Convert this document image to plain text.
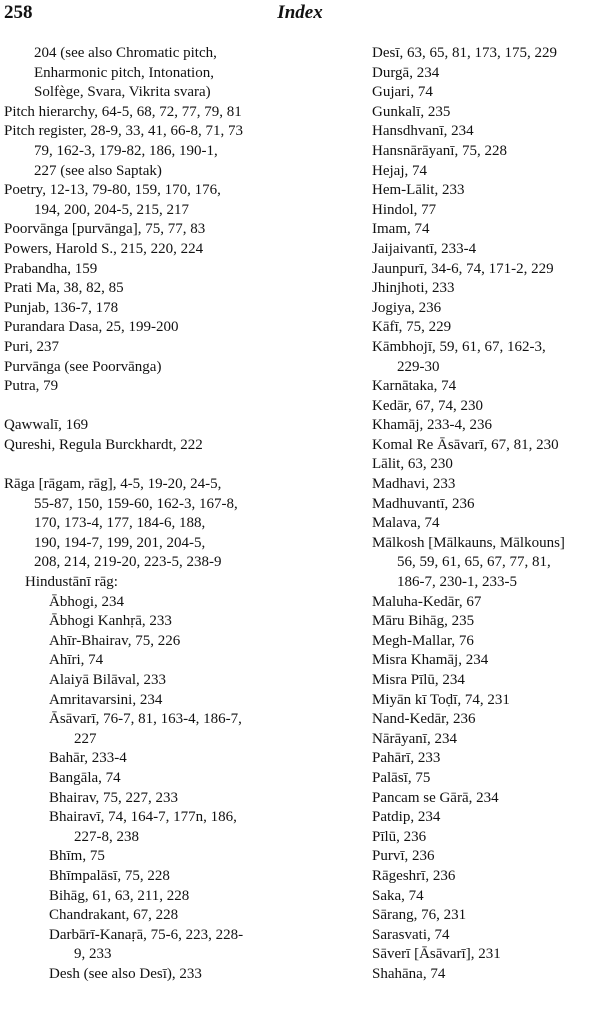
258	Index
204 (see also Chromatic pitch,
Enharmonic pitch, Intonation,
Solfège, Svara, Vikrita svara)
Pitch hierarchy, 64-5, 68, 72, 77, 79, 81
Pitch register, 28-9, 33, 41, 66-8, 71, 73
79, 162-3, 179-82, 186, 190-1,
227 (see also Saptak)
Poetry, 12-13, 79-80, 159, 170, 176,
194, 200, 204-5, 215, 217
Poorvānga [purvānga], 75, 77, 83
Powers, Harold S., 215, 220, 224
Prabandha, 159
Prati Ma, 38, 82, 85
Punjab, 136-7, 178
Purandara Dasa, 25, 199-200
Puri, 237
Purvānga (see Poorvānga)
Putra, 79
Qawwalī, 169
Qureshi, Regula Burckhardt, 222
Rāga [rāgam, rāg], 4-5, 19-20, 24-5,
55-87, 150, 159-60, 162-3, 167-8,
170, 173-4, 177, 184-6, 188,
190, 194-7, 199, 201, 204-5,
208, 214, 219-20, 223-5, 238-9
Hindustānī rāg:
Ābhogi, 234
Ābhogi Kanhṛā, 233
Ahīr-Bhairav, 75, 226
Ahīri, 74
Alaiyā Bilāval, 233
Amritavarsini, 234
Āsāvarī, 76-7, 81, 163-4, 186-7,
227
Bahār, 233-4
Bangāla, 74
Bhairav, 75, 227, 233
Bhairavī, 74, 164-7, 177n, 186,
227-8, 238
Bhīm, 75
Bhīmpalāsī, 75, 228
Bihāg, 61, 63, 211, 228
Chandrakant, 67, 228
Darbārī-Kanaṛā, 75-6, 223, 228-
9, 233
Desh (see also Desī), 233
Desī, 63, 65, 81, 173, 175, 229
Durgā, 234
Gujari, 74
Gunkalī, 235
Hansdhvanī, 234
Hansnārāyanī, 75, 228
Hejaj, 74
Hem-Lālit, 233
Hindol, 77
Imam, 74
Jaijaivantī, 233-4
Jaunpurī, 34-6, 74, 171-2, 229
Jhinjhoti, 233
Jogiya, 236
Kāfī, 75, 229
Kāmbhojī, 59, 61, 67, 162-3,
229-30
Karnātaka, 74
Kedār, 67, 74, 230
Khamāj, 233-4, 236
Komal Re Āsāvarī, 67, 81, 230
Lālit, 63, 230
Madhavi, 233
Madhuvantī, 236
Malava, 74
Mālkosh [Mālkauns, Mālkouns]
56, 59, 61, 65, 67, 77, 81,
186-7, 230-1, 233-5
Maluha-Kedār, 67
Māru Bihāg, 235
Megh-Mallar, 76
Misra Khamāj, 234
Misra Pīlū, 234
Miyān kī Toḍī, 74, 231
Nand-Kedār, 236
Nārāyanī, 234
Pahārī, 233
Palāsī, 75
Pancam se Gārā, 234
Patdip, 234
Pīlū, 236
Purvī, 236
Rāgeshrī, 236
Saka, 74
Sārang, 76, 231
Sarasvati, 74
Sāverī [Āsāvarī], 231
Shahāna, 74
